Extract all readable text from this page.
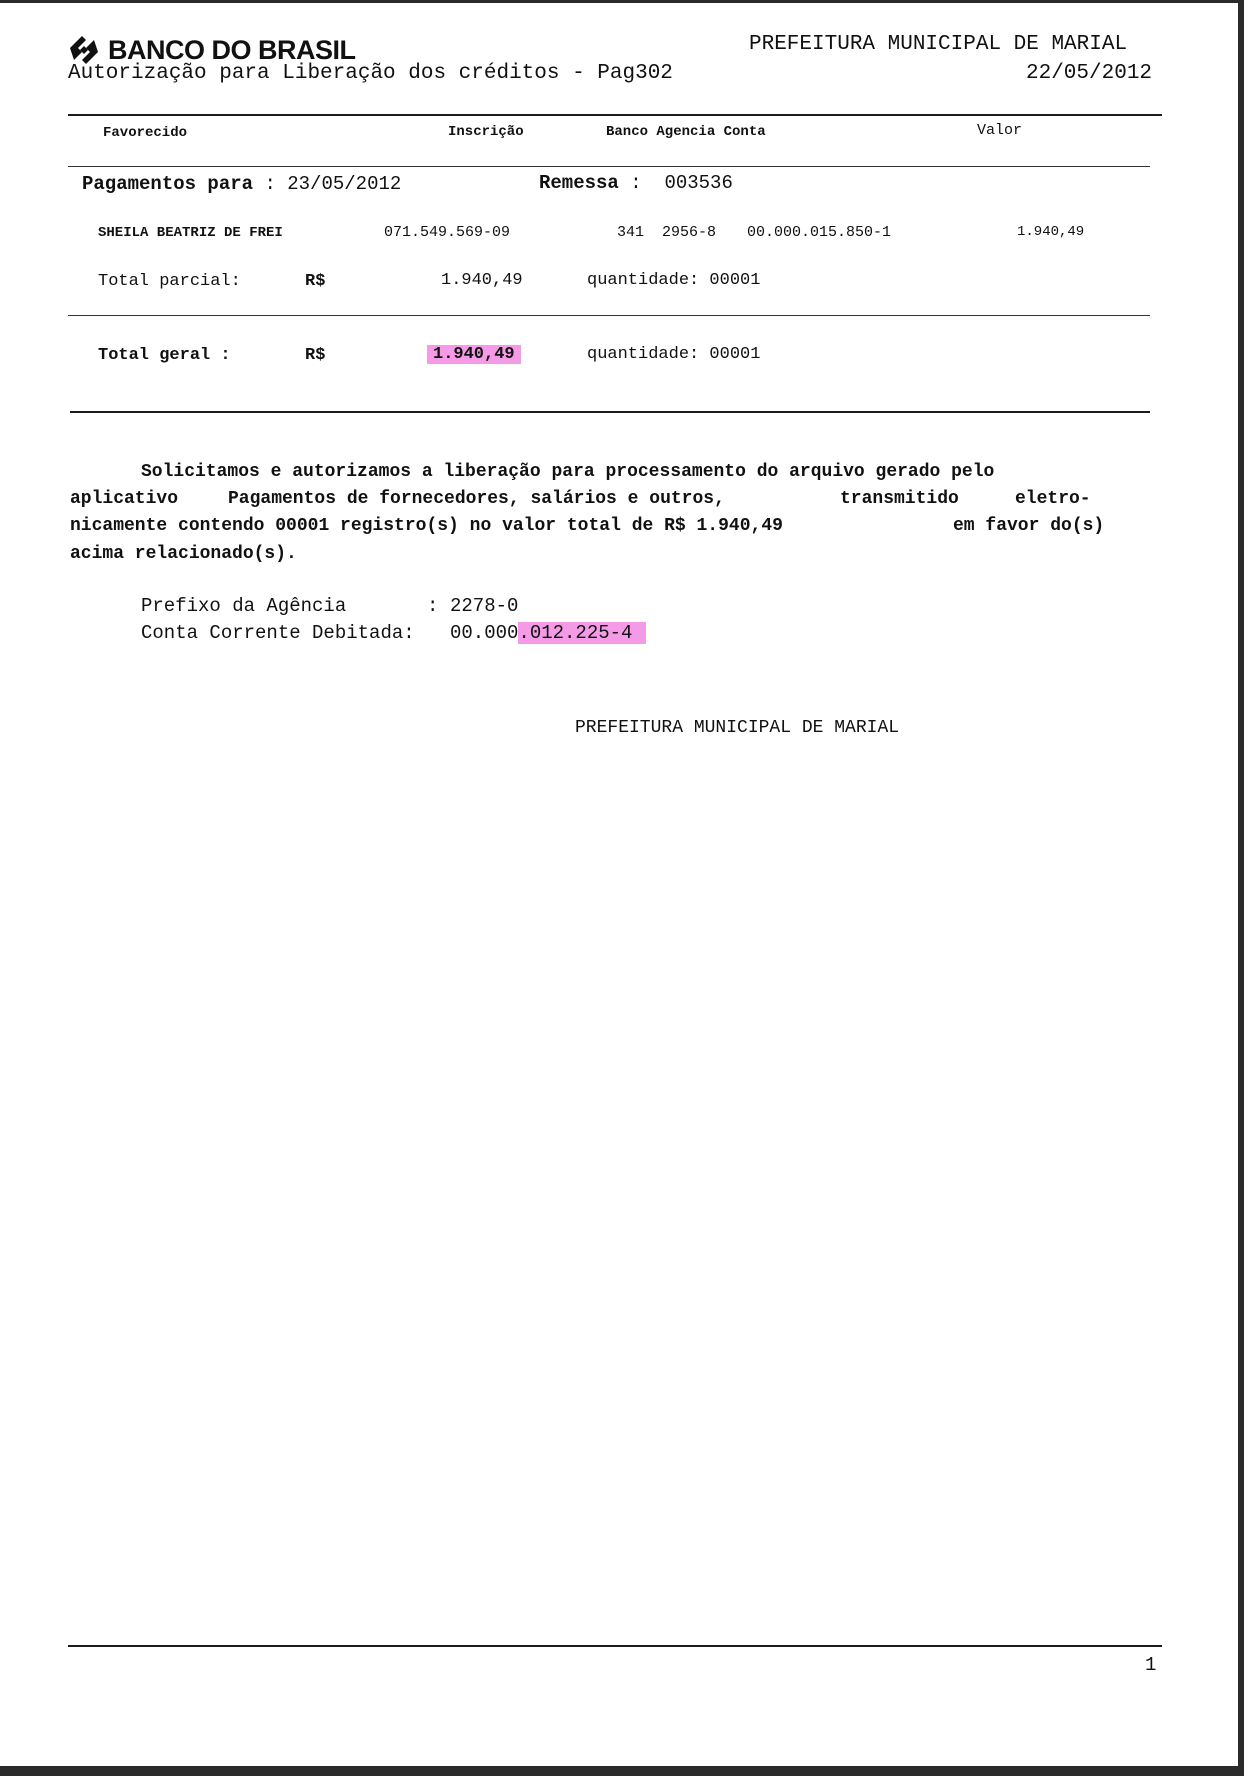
BANCO DO BRASIL
Autorização para Liberação dos créditos - Pag302
PREFEITURA MUNICIPAL DE MARIAL
22/05/2012
Favorecido	Inscrição	Banco Agencia Conta	Valor
Pagamentos para : 23/05/2012	Remessa : 003536
SHEILA BEATRIZ DE FREI	071.549.569-09	341  2956-8 00.000.015.850-1	1.940,49
Total parcial:	R$	1.940,49	quantidade: 00001
Total geral :	R$	1.940,49	quantidade: 00001
Solicitamos e autorizamos a liberação para processamento do arquivo gerado pelo
aplicativo	Pagamentos de fornecedores, salários e outros,	transmitido	eletro-
nicamente contendo 00001 registro(s) no valor total de R$ 1.940,49	em favor do(s)
acima relacionado(s).
Prefixo da Agência	: 2278-0
Conta Corrente Debitada: 00.000.012.225-4
PREFEITURA MUNICIPAL DE MARIAL
1
